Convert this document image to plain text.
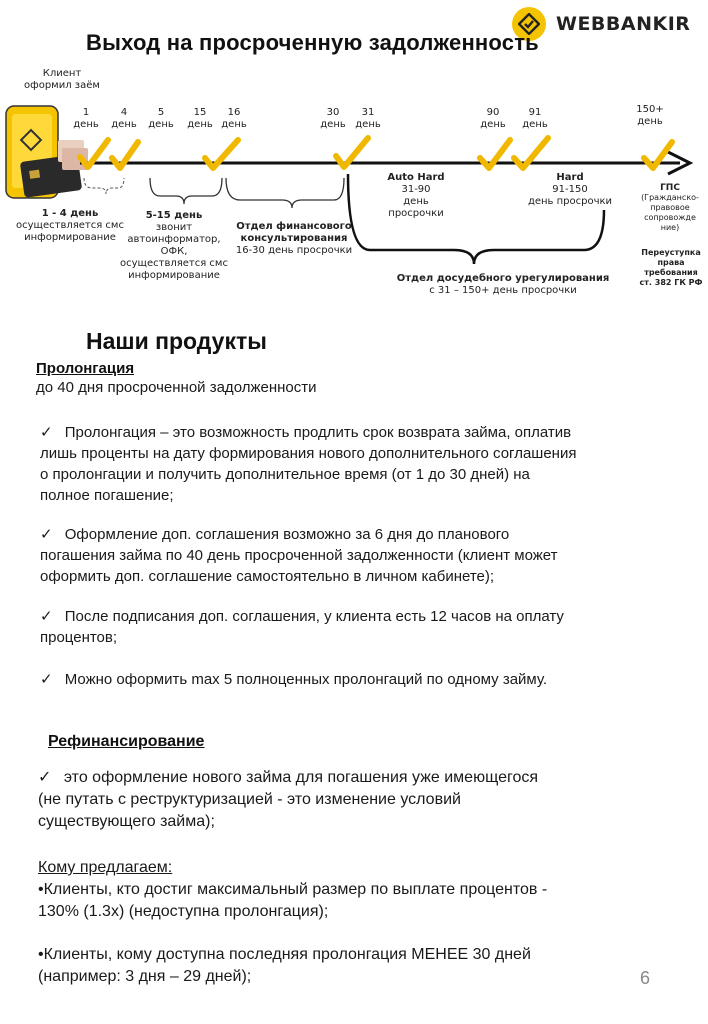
WEBBANKIR
Выход на просроченную задолженность
Клиент оформил заём
1
день
4
день
5
день
15
день
16
день
30
день
31
день
90
день
91
день
150+
день
1 - 4 день
осуществляется смс
информирование
5-15 день
звонит
автоинформатор,
ОФК,
осуществляется смс
информирование
Отдел финансового
консультирования
16-30 день просрочки
Auto Hard
31-90
день просрочки
Hard
91-150
день просрочки
Отдел досудебного урегулирования
с 31 – 150+ день просрочки
ГПС
(Гражданско-
правовое
сопровожде
ние)
Переуступка
права
требования
ст. 382 ГК РФ
Наши продукты
Пролонгация
до 40 дня просроченной задолженности
✓ Пролонгация – это возможность продлить срок возврата займа, оплатив
лишь проценты на дату формирования нового дополнительного соглашения
о пролонгации и получить дополнительное время (от 1 до 30 дней) на
полное погашение;
✓ Оформление доп. соглашения возможно за 6 дня до планового
погашения займа по 40 день просроченной задолженности (клиент может
оформить доп. соглашение самостоятельно в личном кабинете);
✓ После подписания доп. соглашения, у клиента есть 12 часов на оплату
процентов;
✓ Можно оформить max 5 полноценных пролонгаций по одному займу.
Рефинансирование
✓ это оформление нового займа для погашения уже имеющегося
(не путать с реструктуризацией - это изменение условий
существующего займа);
Кому предлагаем:
•Клиенты, кто достиг максимальный размер по выплате процентов -
130% (1.3х) (недоступна пролонгация);
•Клиенты, кому доступна последняя пролонгация МЕНЕЕ 30 дней
(например: 3 дня – 29 дней);	6
